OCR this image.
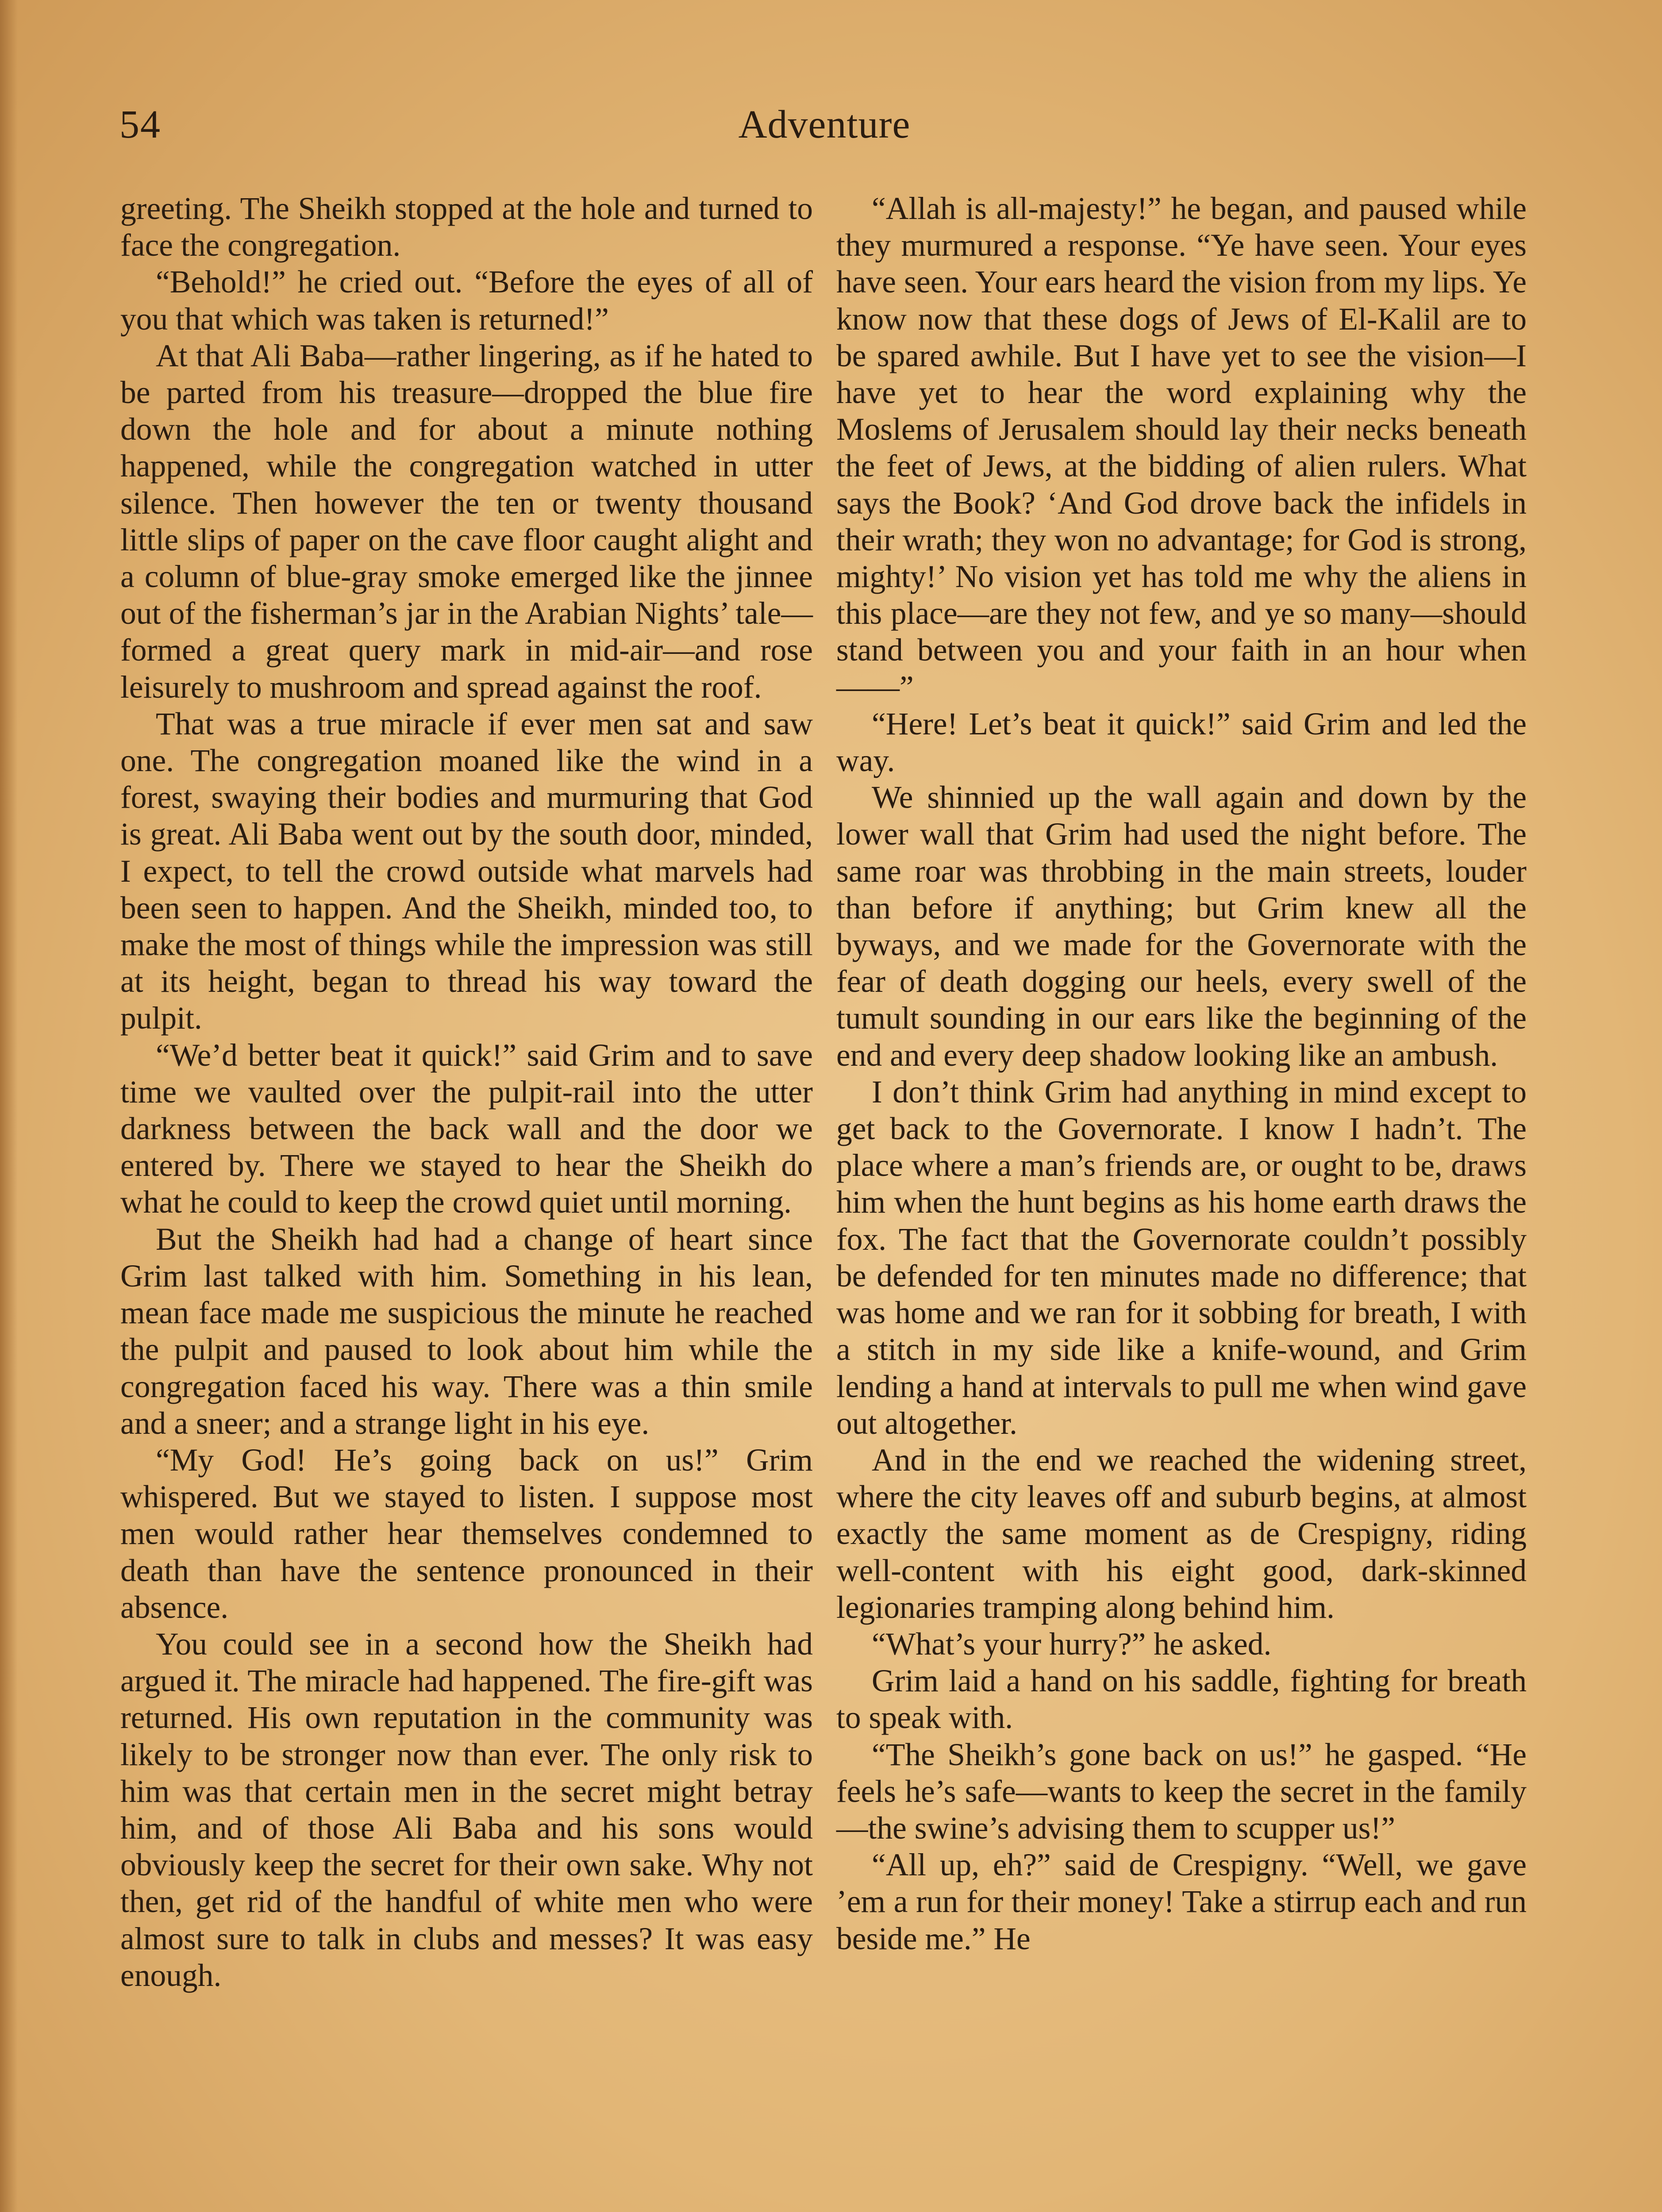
54	Adventure

greeting. The Sheikh stopped at the hole and turned to face the congregation.

“Behold!” he cried out. “Before the eyes of all of you that which was taken is returned!”

At that Ali Baba—rather lingering, as if he hated to be parted from his treasure—dropped the blue fire down the hole and for about a minute nothing happened, while the congregation watched in utter silence. Then however the ten or twenty thousand little slips of paper on the cave floor caught alight and a column of blue-gray smoke emerged like the jinnee out of the fisherman’s jar in the Arabian Nights’ tale—formed a great query mark in mid-air—and rose leisurely to mushroom and spread against the roof.

That was a true miracle if ever men sat and saw one. The congregation moaned like the wind in a forest, swaying their bodies and murmuring that God is great. Ali Baba went out by the south door, minded, I expect, to tell the crowd outside what marvels had been seen to happen. And the Sheikh, minded too, to make the most of things while the impression was still at its height, began to thread his way toward the pulpit.

“We’d better beat it quick!” said Grim and to save time we vaulted over the pulpit-rail into the utter darkness between the back wall and the door we entered by. There we stayed to hear the Sheikh do what he could to keep the crowd quiet until morning.

But the Sheikh had had a change of heart since Grim last talked with him. Something in his lean, mean face made me suspicious the minute he reached the pulpit and paused to look about him while the congregation faced his way. There was a thin smile and a sneer; and a strange light in his eye.

“My God! He’s going back on us!” Grim whispered. But we stayed to listen. I suppose most men would rather hear themselves condemned to death than have the sentence pronounced in their absence.

You could see in a second how the Sheikh had argued it. The miracle had happened. The fire-gift was returned. His own reputation in the community was likely to be stronger now than ever. The only risk to him was that certain men in the secret might betray him, and of those Ali Baba and his sons would obviously keep the secret for their own sake. Why not then, get rid of the handful of white men who were almost sure to talk in clubs and messes? It was easy enough.

“Allah is all-majesty!” he began, and paused while they murmured a response. “Ye have seen. Your eyes have seen. Your ears heard the vision from my lips. Ye know now that these dogs of Jews of El-Kalil are to be spared awhile. But I have yet to see the vision—I have yet to hear the word explaining why the Moslems of Jerusalem should lay their necks beneath the feet of Jews, at the bidding of alien rulers. What says the Book? ‘And God drove back the infidels in their wrath; they won no advantage; for God is strong, mighty!’ No vision yet has told me why the aliens in this place—are they not few, and ye so many—should stand between you and your faith in an hour when——”

“Here! Let’s beat it quick!” said Grim and led the way.

We shinnied up the wall again and down by the lower wall that Grim had used the night before. The same roar was throbbing in the main streets, louder than before if anything; but Grim knew all the byways, and we made for the Governorate with the fear of death dogging our heels, every swell of the tumult sounding in our ears like the beginning of the end and every deep shadow looking like an ambush.

I don’t think Grim had anything in mind except to get back to the Governorate. I know I hadn’t. The place where a man’s friends are, or ought to be, draws him when the hunt begins as his home earth draws the fox. The fact that the Governorate couldn’t possibly be defended for ten minutes made no difference; that was home and we ran for it sobbing for breath, I with a stitch in my side like a knife-wound, and Grim lending a hand at intervals to pull me when wind gave out altogether.

And in the end we reached the widening street, where the city leaves off and suburb begins, at almost exactly the same moment as de Crespigny, riding well-content with his eight good, dark-skinned legionaries tramping along behind him.

“What’s your hurry?” he asked.

Grim laid a hand on his saddle, fighting for breath to speak with.

“The Sheikh’s gone back on us!” he gasped. “He feels he’s safe—wants to keep the secret in the family—the swine’s advising them to scupper us!”

“All up, eh?” said de Crespigny. “Well, we gave ’em a run for their money! Take a stirrup each and run beside me.” He
